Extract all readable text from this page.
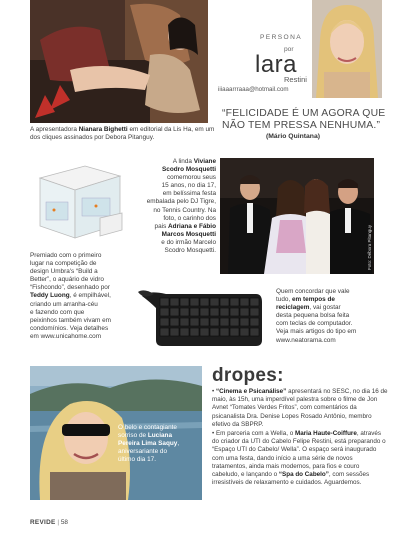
PERSONA
por
lara
Restini
iiiaaarrraaa@hotmail.com
A apresentadora Nianara Bighetti em editorial da Lis Ha, em um dos cliques assinados por Debora Pitanguy.
“FELICIDADE É UM AGORA QUE
NÃO TEM PRESSA NENHUMA.”
(Mário Quintana)
Premiado com o primeiro
lugar na competição de
design Umbra's “Build a
Better”, o aquário de vidro
“Fishcondo”, desenhado por
Teddy Luong, é empilhável,
criando um arranha-céu
e fazendo com que
peixinhos também vivam em
condomínios. Veja detalhes
em www.unicahome.com
A linda Viviane
Scodro Mosquetti
comemorou seus
15 anos, no dia 17,
em belíssima festa
embalada pelo DJ Tigre,
no Tennis Country. Na
foto, o carinho dos
pais Adriana e Fábio
Marcos Mosquetti
e do irmão Marcelo
Scodro Mosquetti.	Foto: Débora Pitanguy
Quem concordar que vale
tudo, em tempos de
reciclagem, vai gostar
desta pequena bolsa feita
com teclas de computador.
Veja mais artigos do tipo em
www.neatorama.com
O belo e contagiante
sorriso de Luciana
Pereira Lima Saquy,
aniversariante do
último dia 17.
dropes:
• “Cinema e Psicanálise” apresentará no SESC, no dia 16 de maio, às 15h, uma imperdível palestra sobre o filme de Jon Avnet “Tomates Verdes Fritos”, com comentários da psicanalista Dra. Denise Lopes Rosado Antônio, membro efetivo da SBPRP.
• Em parceria com a Wella, o Maria Haute-Coiffure, através do criador da UTI do Cabelo Felipe Restini, está preparando o “Espaço UTI do Cabelo/ Wella”. O espaço será inaugurado com uma festa, dando início a uma série de novos tratamentos, ainda mais modernos, para fios e couro cabeludo, e lançando o “Spa do Cabelo”, com sessões irresistíveis de relaxamento e cuidados. Aguardemos.
REVIDE | 58
